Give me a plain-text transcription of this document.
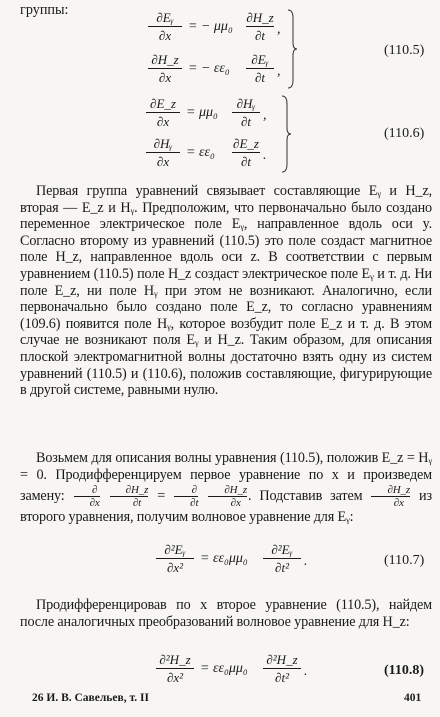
группы:	∂Eᵧ
∂x
= − μμ₀
∂H_z
∂t ,
∂H_z
∂x
= − εε₀
∂Eᵧ
∂t ,
(110.5)
∂E_z
∂x
= μμ₀
∂Hᵧ
∂t ,
∂Hᵧ
∂x
= εε₀
∂E_z
∂t .
(110.6)
Первая группа уравнений связывает составляющие Eᵧ и H_z, вторая — E_z и Hᵧ. Предположим, что первоначально было создано переменное электрическое поле Eᵧ, направленное вдоль оси y. Согласно второму из уравнений (110.5) это поле создаст магнитное поле H_z, направленное вдоль оси z. В соответствии с первым уравнением (110.5) поле H_z создаст электрическое поле Eᵧ и т. д. Ни поле E_z, ни поле Hᵧ при этом не возникают. Аналогично, если первоначально было создано поле E_z, то согласно уравнениям (109.6) появится поле Hᵧ, которое возбудит поле E_z и т. д. В этом случае не возникают поля Eᵧ и H_z. Таким образом, для описания плоской электромагнитной волны достаточно взять одну из систем уравнений (110.5) и (110.6), положив составляющие, фигурирующие в другой системе, равными нулю.
Возьмем для описания волны уравнения (110.5), положив E_z = Hᵧ = 0. Продифференцируем первое уравнение по x и произведем замену: $\frac{\partial}{\partial x}$
$\frac{\partial H\_z}{\partial t} = \frac{\partial}{\partial t}$
$\frac{\partial H\_z}{\partial x}$ . Подставив затем $\frac{\partial H\_z}{\partial x}$ из второго уравнения, получим волновое уравнение для Eᵧ:
∂²Eᵧ
∂x²
= εε₀μμ₀
∂²Eᵧ
∂t² .	(110.7)
Продифференцировав по x второе уравнение (110.5), найдем после аналогичных преобразований волновое уравнение для H_z:
∂²H_z
∂x²
= εε₀μμ₀
∂²H_z
∂t² .	(110.8)
26 И. В. Савельев, т. II	401
